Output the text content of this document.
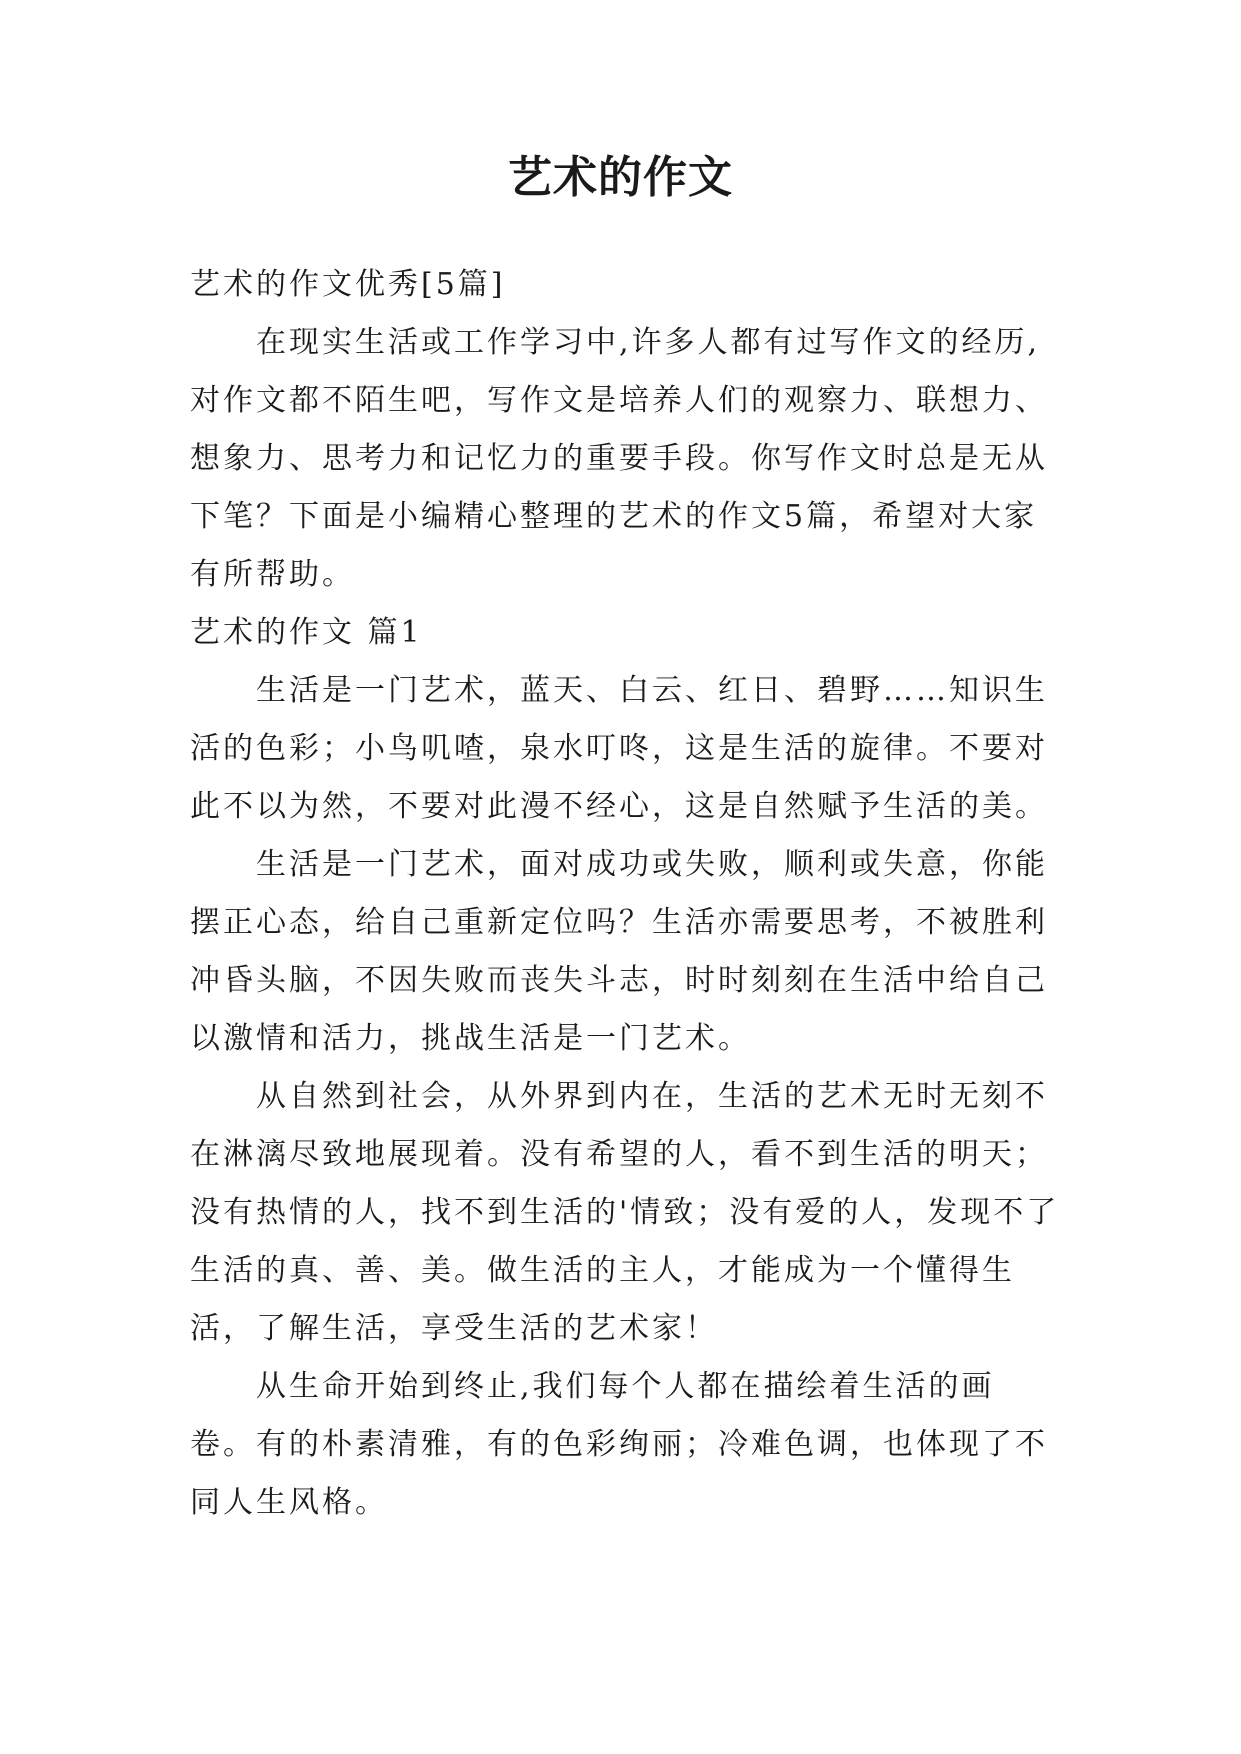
艺术的作文

艺术的作文优秀[5篇]

在现实生活或工作学习中,许多人都有过写作文的经历,对作文都不陌生吧，写作文是培养人们的观察力、联想力、想象力、思考力和记忆力的重要手段。你写作文时总是无从下笔？下面是小编精心整理的艺术的作文5篇，希望对大家有所帮助。

艺术的作文 篇1

生活是一门艺术，蓝天、白云、红日、碧野……知识生活的色彩；小鸟叽喳，泉水叮咚，这是生活的旋律。不要对此不以为然，不要对此漫不经心，这是自然赋予生活的美。

生活是一门艺术，面对成功或失败，顺利或失意，你能摆正心态，给自己重新定位吗？生活亦需要思考，不被胜利冲昏头脑，不因失败而丧失斗志，时时刻刻在生活中给自己以激情和活力，挑战生活是一门艺术。

从自然到社会，从外界到内在，生活的艺术无时无刻不在淋漓尽致地展现着。没有希望的人，看不到生活的明天；没有热情的人，找不到生活的'情致；没有爱的人，发现不了生活的真、善、美。做生活的主人，才能成为一个懂得生活，了解生活，享受生活的艺术家！

从生命开始到终止,我们每个人都在描绘着生活的画卷。有的朴素清雅，有的色彩绚丽；冷难色调，也体现了不同人生风格。
